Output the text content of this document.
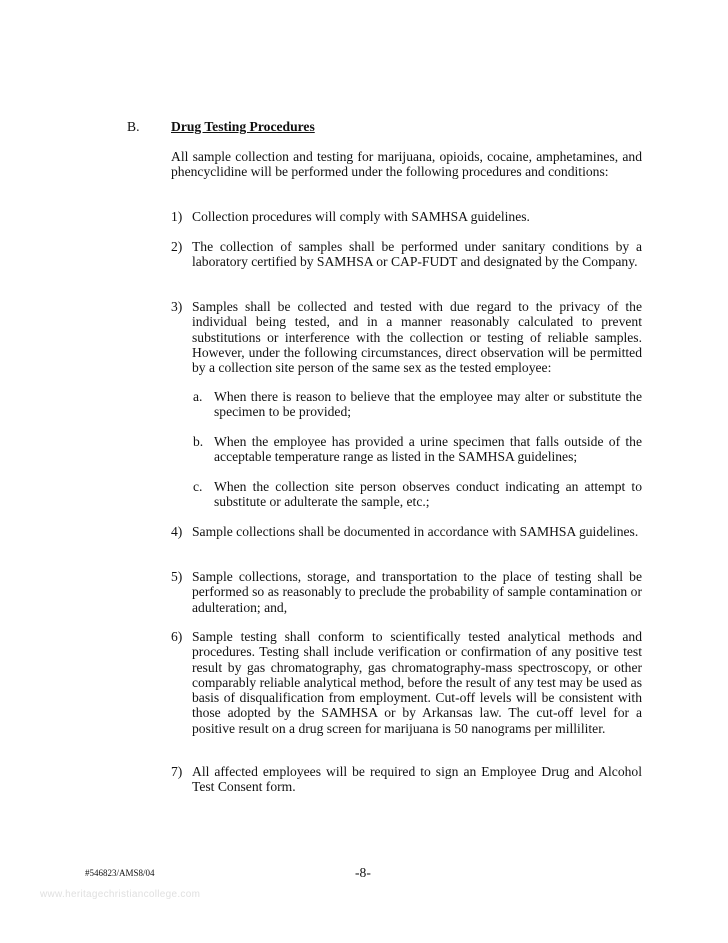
B. Drug Testing Procedures

All sample collection and testing for marijuana, opioids, cocaine, amphetamines, and phencyclidine will be performed under the following procedures and conditions:

1) Collection procedures will comply with SAMHSA guidelines.

2) The collection of samples shall be performed under sanitary conditions by a laboratory certified by SAMHSA or CAP-FUDT and designated by the Company.

3) Samples shall be collected and tested with due regard to the privacy of the individual being tested, and in a manner reasonably calculated to prevent substitutions or interference with the collection or testing of reliable samples. However, under the following circumstances, direct observation will be permitted by a collection site person of the same sex as the tested employee:

a. When there is reason to believe that the employee may alter or substitute the specimen to be provided;

b. When the employee has provided a urine specimen that falls outside of the acceptable temperature range as listed in the SAMHSA guidelines;

c. When the collection site person observes conduct indicating an attempt to substitute or adulterate the sample, etc.;

4) Sample collections shall be documented in accordance with SAMHSA guidelines.

5) Sample collections, storage, and transportation to the place of testing shall be performed so as reasonably to preclude the probability of sample contamination or adulteration; and,

6) Sample testing shall conform to scientifically tested analytical methods and procedures. Testing shall include verification or confirmation of any positive test result by gas chromatography, gas chromatography-mass spectroscopy, or other comparably reliable analytical method, before the result of any test may be used as basis of disqualification from employment. Cut-off levels will be consistent with those adopted by the SAMHSA or by Arkansas law. The cut-off level for a positive result on a drug screen for marijuana is 50 nanograms per milliliter.

7) All affected employees will be required to sign an Employee Drug and Alcohol Test Consent form.

#546823/AMS8/04	-8-
www.heritagechristiancollege.com
